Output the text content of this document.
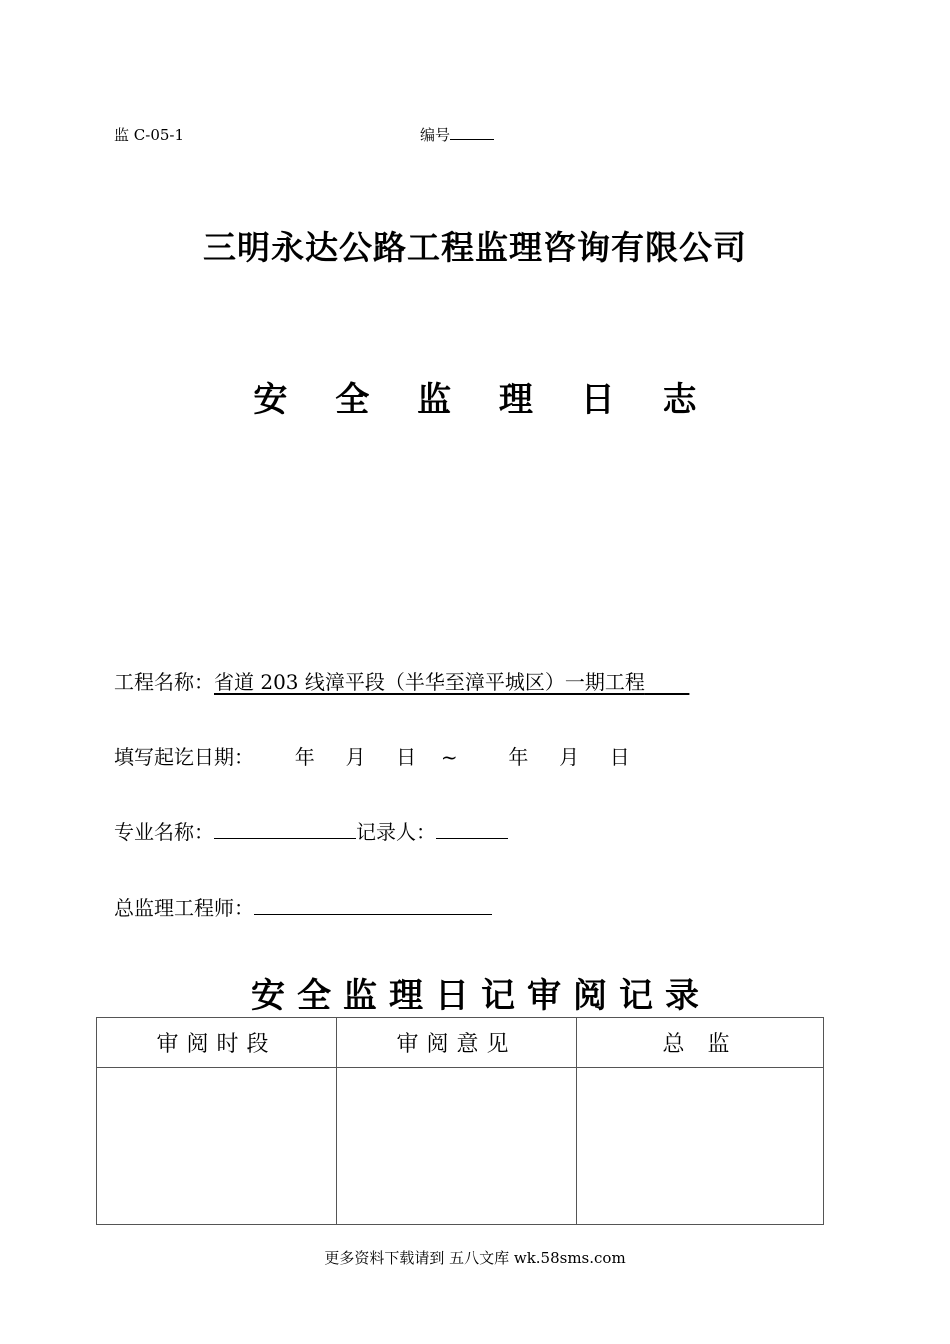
监 C-05-1	编号
三明永达公路工程监理咨询有限公司
安 全 监 理 日 志
工程名称：省道 203 线漳平段（半华至漳平城区）一期工程
填写起讫日期： 年 月 日 ~	年 月 日
专业名称：	记录人：
总监理工程师：
安全监理日记审阅记录
审阅时段	审阅意见	总 监

更多资料下载请到 五八文库 wk.58sms.com
